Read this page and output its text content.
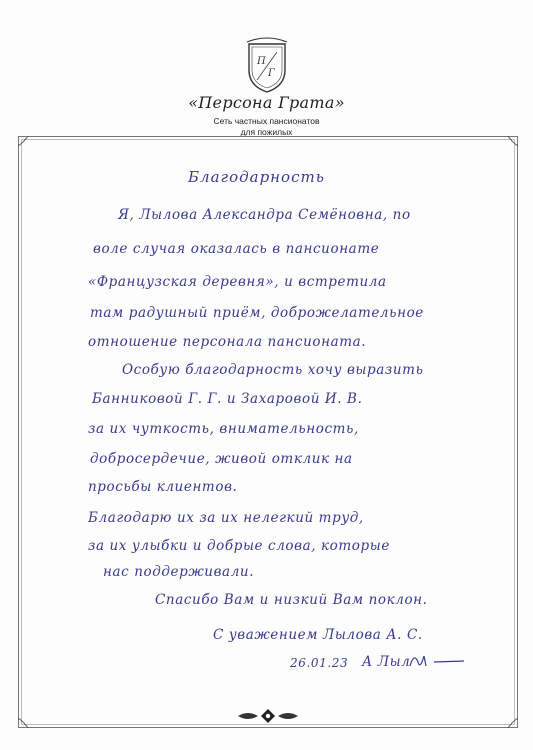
П
Г
«Персона Грата»
Сеть частных пансионатов
для пожилых
Благодарность
Я, Лылова Александра Семёновна, по
воле случая оказалась в пансионате
«Французская деревня», и встретила
там радушный приём, доброжелательное
отношение персонала пансионата.
Особую благодарность хочу выразить
Банниковой Г. Г. и Захаровой И. В.
за их чуткость, внимательность,
добросердечие, живой отклик на
просьбы клиентов.
Благодарю их за их нелегкий труд,
за их улыбки и добрые слова, которые
нас поддерживали.
Спасибо Вам и низкий Вам поклон.
С уважением Лылова А. С.
26.01.23 А Лыл
